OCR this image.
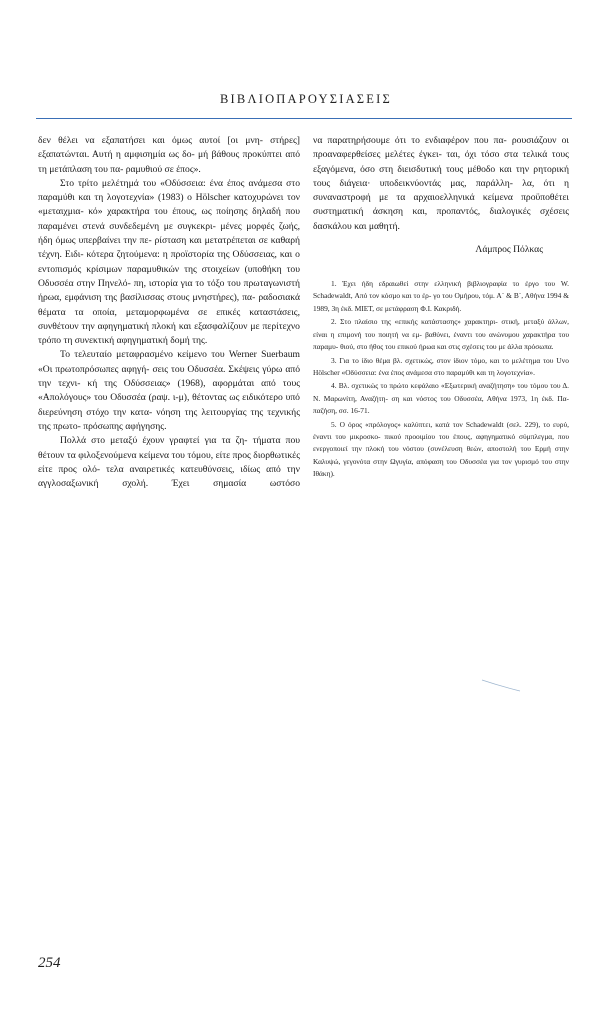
ΒΙΒΛΙΟΠΑΡΟΥΣΙΑΣΕΙΣ

δεν θέλει να εξαπατήσει και όμως αυτοί [οι μνη- στήρες] εξαπατώνται. Αυτή η αμφισημία ως δο- μή βάθους προκύπτει από τη μετάπλαση του πα- ραμυθιού σε έπος».

Στο τρίτο μελέτημά του «Οδύσσεια: ένα έπος ανάμεσα στο παραμύθι και τη λογοτεχνία» (1983) ο Hölscher κατοχυρώνει τον «μεταιχμια- κό» χαρακτήρα του έπους, ως ποίησης δηλαδή που παραμένει στενά συνδεδεμένη με συγκεκρι- μένες μορφές ζωής, ήδη όμως υπερβαίνει την πε- ρίσταση και μετατρέπεται σε καθαρή τέχνη. Ειδι- κότερα ζητούμενα: η προϊστορία της Οδύσσειας, και ο εντοπισμός κρίσιμων παραμυθικών της στοιχείων (υποθήκη του Οδυσσέα στην Πηνελό- πη, ιστορία για το τόξο του πρωταγωνιστή ήρωα, εμφάνιση της βασίλισσας στους μνηστήρες), πα- ραδοσιακά θέματα τα οποία, μεταμορφωμένα σε επικές καταστάσεις, συνθέτουν την αφηγηματική πλοκή και εξασφαλίζουν με περίτεχνο τρόπο τη συνεκτική αφηγηματική δομή της.

Το τελευταίο μεταφρασμένο κείμενο του Werner Suerbaum «Οι πρωτοπρόσωπες αφηγή- σεις του Οδυσσέα. Σκέψεις γύρω από την τεχνι- κή της Οδύσσειας» (1968), αφορμάται από τους «Απολόγους» του Οδυσσέα (ραψ. ι-μ), θέτοντας ως ειδικότερο υπό διερεύνηση στόχο την κατα- νόηση της λειτουργίας της τεχνικής της πρωτο- πρόσωπης αφήγησης.

Πολλά στο μεταξύ έχουν γραφτεί για τα ζη- τήματα που θέτουν τα φιλοξενούμενα κείμενα του τόμου, είτε προς διορθωτικές είτε προς ολό- τελα αναιρετικές κατευθύνσεις, ιδίως από την αγγλοσαξωνική σχολή. Έχει σημασία ωστόσο

να παρατηρήσουμε ότι το ενδιαφέρον που πα- ρουσιάζουν οι προαναφερθείσες μελέτες έγκει- ται, όχι τόσο στα τελικά τους εξαγόμενα, όσο στη διεισδυτική τους μέθοδο και την ρητορική τους διάγεια· υποδεικνύοντάς μας, παράλλη- λα, ότι η συναναστροφή με τα αρχαιοελληνικά κείμενα προϋποθέτει συστηματική άσκηση και, προπαντός, διαλογικές σχέσεις δασκάλου και μαθητή.

Λάμπρος Πόλκας

1. Έχει ήδη εδραιωθεί στην ελληνική βιβλιογραφία το έργο του W. Schadewaldt, Από τον κόσμο και το έρ- γο του Ομήρου, τόμ. Α´ & Β´, Αθήνα 1994 & 1989, 3η έκδ. ΜΙΕΤ, σε μετάφραση Φ.Ι. Κακριδή.

2. Στο πλαίσιο της «επικής κατάστασης» χαρακτηρι- στική, μεταξύ άλλων, είναι η επιμονή του ποιητή να εμ- βαθύνει, έναντι του ανώνυμου χαρακτήρα του παραμυ- θιού, στο ήθος του επικού ήρωα και στις σχέσεις του με άλλα πρόσωπα.

3. Για το ίδιο θέμα βλ. σχετικώς, στον ίδιον τόμο, και το μελέτημα του Uvo Hölscher «Οδύσσεια: ένα έπος ανάμεσα στο παραμύθι και τη λογοτεχνία».

4. Βλ. σχετικώς το πρώτο κεφάλαιο «Εξωτερική αναζήτηση» του τόμου του Δ. Ν. Μαρωνίτη, Αναζήτη- ση και νόστος του Οδυσσέα, Αθήνα 1973, 1η έκδ. Πα- παζήση, σσ. 16-71.

5. Ο όρος «πρόλογος» καλύπτει, κατά τον Schadewaldt (σελ. 229), το ευρύ, έναντι του μικροσκο- πικού προοιμίου του έπους, αφηγηματικό σύμπλεγμα, που ενεργοποιεί την πλοκή του νόστου (συνέλευση θεών, αποστολή του Ερμή στην Καλυψώ, γεγονότα στην Ωγυγία, απόφαση του Οδυσσέα για τον γυρισμό του στην Ιθάκη).

254
